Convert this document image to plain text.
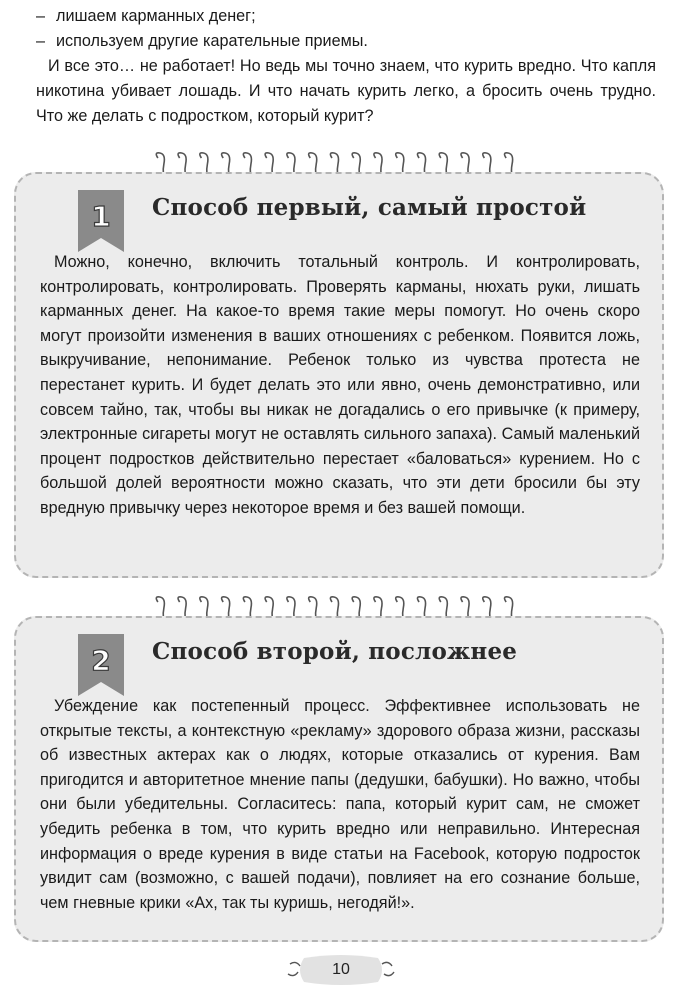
– лишаем карманных денег;
– используем другие карательные приемы.

И все это… не работает! Но ведь мы точно знаем, что курить вредно. Что капля никотина убивает лошадь. И что начать курить легко, а бросить очень трудно. Что же делать с подростком, который курит?

1 Способ первый, самый простой

Можно, конечно, включить тотальный контроль. И контролировать, контролировать, контролировать. Проверять карманы, нюхать руки, лишать карманных денег. На какое-то время такие меры помогут. Но очень скоро могут произойти изменения в ваших отношениях с ребенком. Появится ложь, выкручивание, непонимание. Ребенок только из чувства протеста не перестанет курить. И будет делать это или явно, очень демонстративно, или совсем тайно, так, чтобы вы никак не догадались о его привычке (к примеру, электронные сигареты могут не оставлять сильного запаха). Самый маленький процент подростков действительно перестает «баловаться» курением. Но с большой долей вероятности можно сказать, что эти дети бросили бы эту вредную привычку через некоторое время и без вашей помощи.

2 Способ второй, посложнее

Убеждение как постепенный процесс. Эффективнее использовать не открытые тексты, а контекстную «рекламу» здорового образа жизни, рассказы об известных актерах как о людях, которые отказались от курения. Вам пригодится и авторитетное мнение папы (дедушки, бабушки). Но важно, чтобы они были убедительны. Согласитесь: папа, который курит сам, не сможет убедить ребенка в том, что курить вредно или неправильно. Интересная информация о вреде курения в виде статьи на Facebook, которую подросток увидит сам (возможно, с вашей подачи), повлияет на его сознание больше, чем гневные крики «Ах, так ты куришь, негодяй!».

10
